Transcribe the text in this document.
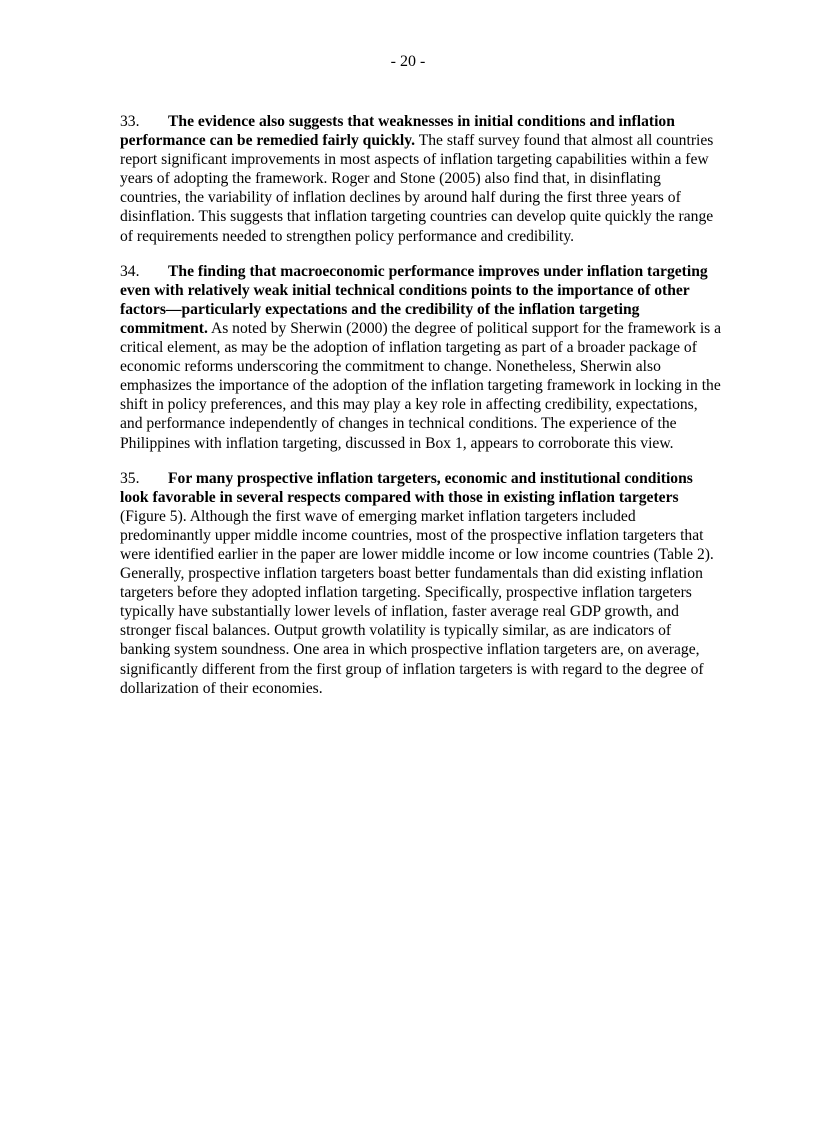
- 20 -

33. The evidence also suggests that weaknesses in initial conditions and inflation performance can be remedied fairly quickly. The staff survey found that almost all countries report significant improvements in most aspects of inflation targeting capabilities within a few years of adopting the framework. Roger and Stone (2005) also find that, in disinflating countries, the variability of inflation declines by around half during the first three years of disinflation. This suggests that inflation targeting countries can develop quite quickly the range of requirements needed to strengthen policy performance and credibility.

34. The finding that macroeconomic performance improves under inflation targeting even with relatively weak initial technical conditions points to the importance of other factors—particularly expectations and the credibility of the inflation targeting commitment. As noted by Sherwin (2000) the degree of political support for the framework is a critical element, as may be the adoption of inflation targeting as part of a broader package of economic reforms underscoring the commitment to change. Nonetheless, Sherwin also emphasizes the importance of the adoption of the inflation targeting framework in locking in the shift in policy preferences, and this may play a key role in affecting credibility, expectations, and performance independently of changes in technical conditions. The experience of the Philippines with inflation targeting, discussed in Box 1, appears to corroborate this view.

35. For many prospective inflation targeters, economic and institutional conditions look favorable in several respects compared with those in existing inflation targeters (Figure 5). Although the first wave of emerging market inflation targeters included predominantly upper middle income countries, most of the prospective inflation targeters that were identified earlier in the paper are lower middle income or low income countries (Table 2). Generally, prospective inflation targeters boast better fundamentals than did existing inflation targeters before they adopted inflation targeting. Specifically, prospective inflation targeters typically have substantially lower levels of inflation, faster average real GDP growth, and stronger fiscal balances. Output growth volatility is typically similar, as are indicators of banking system soundness. One area in which prospective inflation targeters are, on average, significantly different from the first group of inflation targeters is with regard to the degree of dollarization of their economies.
